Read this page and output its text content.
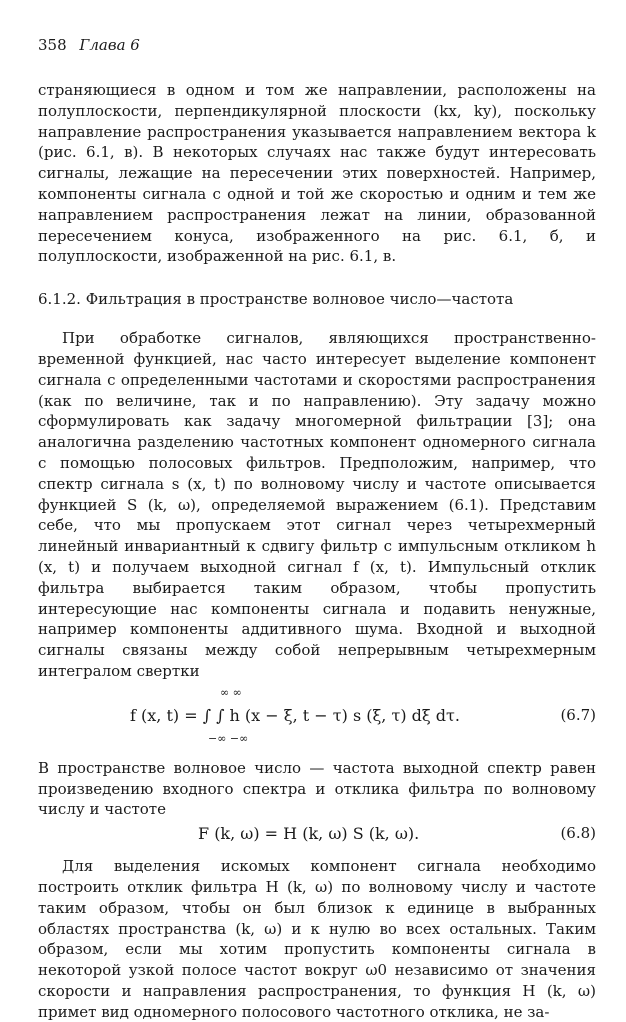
358 Глава 6

страняющиеся в одном и том же направлении, расположены на полуплоскости, перпендикулярной плоскости (kx, ky), поскольку направление распространения указывается направлением вектора k (рис. 6.1, в). В некоторых случаях нас также будут интересовать сигналы, лежащие на пересечении этих поверхностей. Например, компоненты сигнала с одной и той же скоростью и одним и тем же направлением распространения лежат на линии, образованной пересечением конуса, изображенного на рис. 6.1, б, и полуплоскости, изображенной на рис. 6.1, в.

6.1.2. Фильтрация в пространстве волновое число—частота

При обработке сигналов, являющихся пространственно-временной функцией, нас часто интересует выделение компонент сигнала с определенными частотами и скоростями распространения (как по величине, так и по направлению). Эту задачу можно сформулировать как задачу многомерной фильтрации [3]; она аналогична разделению частотных компонент одномерного сигнала с помощью полосовых фильтров. Предположим, например, что спектр сигнала s (x, t) по волновому числу и частоте описывается функцией S (k, ω), определяемой выражением (6.1). Представим себе, что мы пропускаем этот сигнал через четырехмерный линейный инвариантный к сдвигу фильтр с импульсным откликом h (x, t) и получаем выходной сигнал f (x, t). Импульсный отклик фильтра выбирается таким образом, чтобы пропустить интересующие нас компоненты сигнала и подавить ненужные, например компоненты аддитивного шума. Входной и выходной сигналы связаны между собой непрерывным четырехмерным интегралом свертки

∞ ∞
f (x, t) = ∫ ∫ h (x − ξ, t − τ) s (ξ, τ) dξ dτ.
−∞ −∞
(6.7)

В пространстве волновое число — частота выходной спектр равен произведению входного спектра и отклика фильтра по волновому числу и частоте

F (k, ω) = H (k, ω) S (k, ω).	(6.8)

Для выделения искомых компонент сигнала необходимо построить отклик фильтра H (k, ω) по волновому числу и частоте таким образом, чтобы он был близок к единице в выбранных областях пространства (k, ω) и к нулю во всех остальных. Таким образом, если мы хотим пропустить компоненты сигнала в некоторой узкой полосе частот вокруг ω0 независимо от значения скорости и направления распространения, то функция H (k, ω) примет вид одномерного полосового частотного отклика, не за-
